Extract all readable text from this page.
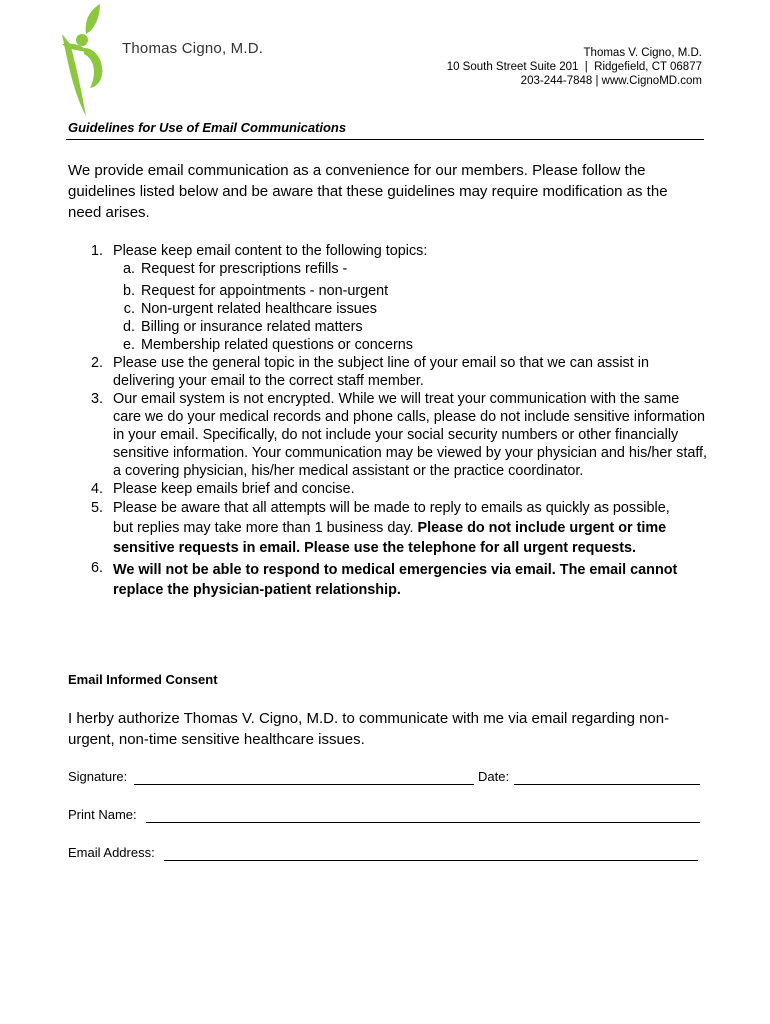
Thomas Cigno, M.D.	Thomas V. Cigno, M.D.
10 South Street Suite 201  |  Ridgefield, CT 06877
203-244-7848 | www.CignoMD.com
Guidelines for Use of Email Communications
We provide email communication as a convenience for our members. Please follow the guidelines listed below and be aware that these guidelines may require modification as the need arises.
1. Please keep email content to the following topics:
a. Request for prescriptions refills -
b. Request for appointments - non-urgent
c. Non-urgent related healthcare issues
d. Billing or insurance related matters
e. Membership related questions or concerns
2. Please use the general topic in the subject line of your email so that we can assist in delivering your email to the correct staff member.
3. Our email system is not encrypted. While we will treat your communication with the same care we do your medical records and phone calls, please do not include sensitive information in your email. Specifically, do not include your social security numbers or other financially sensitive information. Your communication may be viewed by your physician and his/her staff, a covering physician, his/her medical assistant or the practice coordinator.
4. Please keep emails brief and concise.
5. Please be aware that all attempts will be made to reply to emails as quickly as possible,
but replies may take more than 1 business day. Please do not include urgent or time sensitive requests in email. Please use the telephone for all urgent requests.
6. We will not be able to respond to medical emergencies via email. The email cannot replace the physician-patient relationship.
Email Informed Consent
I herby authorize Thomas V. Cigno, M.D. to communicate with me via email regarding non-urgent, non-time sensitive healthcare issues.
Signature:	Date:
Print Name:
Email Address:
